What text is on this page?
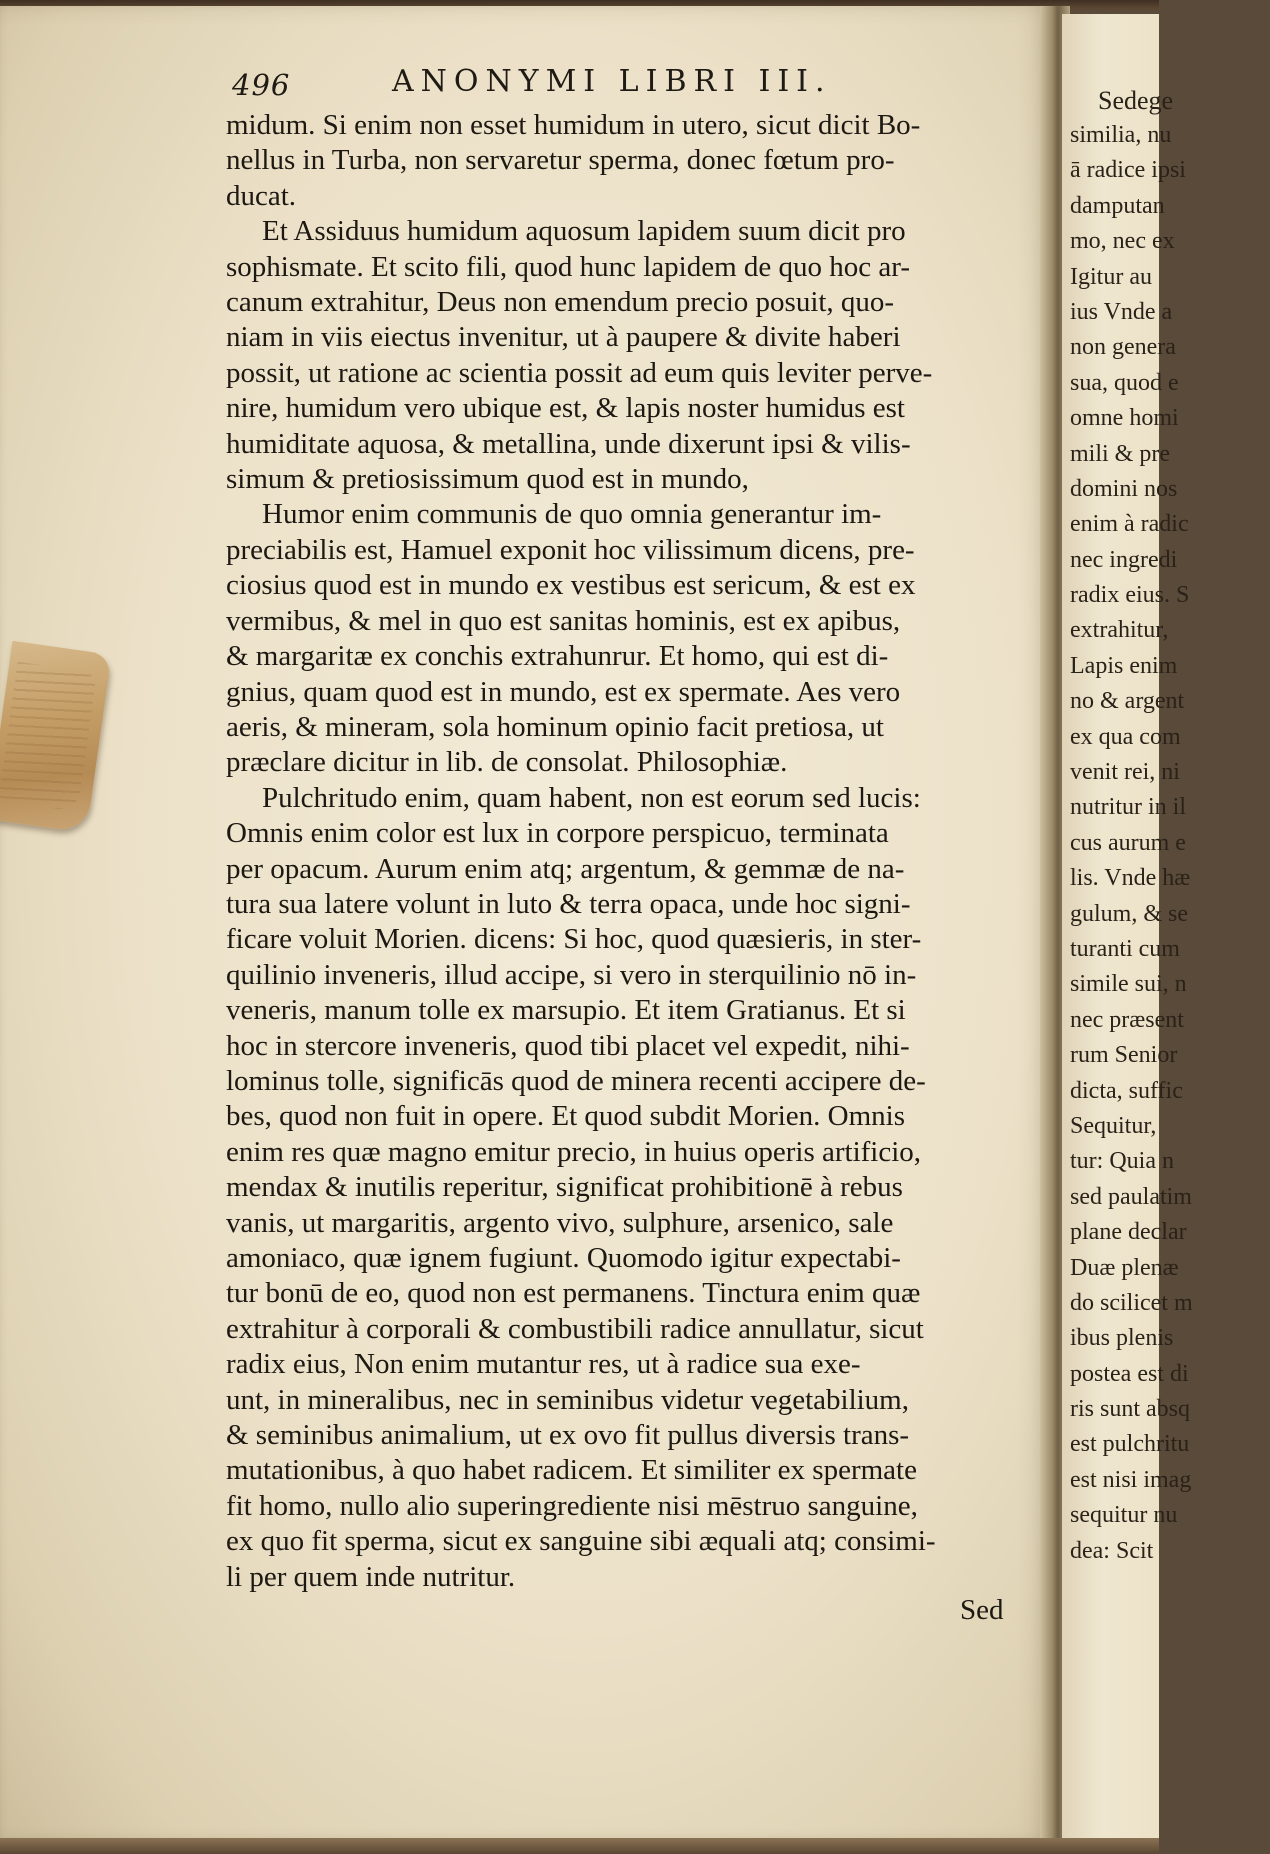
Sedege
similia, nu
ā radice ipsi
damputan
mo, nec ex
Igitur au
ius Vnde a
non genera
sua, quod e
omne homi
mili & pre
domini nos
enim à radic
nec ingredi
radix eius. S
extrahitur,
Lapis enim
no & argent
ex qua com
venit rei, ni
nutritur in il
cus aurum e
lis. Vnde hæ
gulum, & se
turanti cum
simile sui, n
nec præsent
rum Senior
dicta, suffic
Sequitur,
tur: Quia n
sed paulatim
plane declar
Duæ plenæ
do scilicet m
ibus plenis
postea est di
ris sunt absq
est pulchritu
est nisi imag
sequitur nu
dea: Scit
496	ANONYMI LIBRI III.

midum. Si enim non esset humidum in utero, sicut dicit Bo-
nellus in Turba, non servaretur sperma, donec fœtum pro-
ducat.

Et Assiduus humidum aquosum lapidem suum dicit pro
sophismate. Et scito fili, quod hunc lapidem de quo hoc ar-
canum extrahitur, Deus non emendum precio posuit, quo-
niam in viis eiectus invenitur, ut à paupere & divite haberi
possit, ut ratione ac scientia possit ad eum quis leviter perve-
nire, humidum vero ubique est, & lapis noster humidus est
humiditate aquosa, & metallina, unde dixerunt ipsi & vilis-
simum & pretiosissimum quod est in mundo,

Humor enim communis de quo omnia generantur im-
preciabilis est, Hamuel exponit hoc vilissimum dicens, pre-
ciosius quod est in mundo ex vestibus est sericum, & est ex
vermibus, & mel in quo est sanitas hominis, est ex apibus,
& margaritæ ex conchis extrahunrur. Et homo, qui est di-
gnius, quam quod est in mundo, est ex spermate. Aes vero
aeris, & mineram, sola hominum opinio facit pretiosa, ut
præclare dicitur in lib. de consolat. Philosophiæ.

Pulchritudo enim, quam habent, non est eorum sed lucis:
Omnis enim color est lux in corpore perspicuo, terminata
per opacum. Aurum enim atq; argentum, & gemmæ de na-
tura sua latere volunt in luto & terra opaca, unde hoc signi-
ficare voluit Morien. dicens: Si hoc, quod quæsieris, in ster-
quilinio inveneris, illud accipe, si vero in sterquilinio nō in-
veneris, manum tolle ex marsupio. Et item Gratianus. Et si
hoc in stercore inveneris, quod tibi placet vel expedit, nihi-
lominus tolle, significās quod de minera recenti accipere de-
bes, quod non fuit in opere. Et quod subdit Morien. Omnis
enim res quæ magno emitur precio, in huius operis artificio,
mendax & inutilis reperitur, significat prohibitionē à rebus
vanis, ut margaritis, argento vivo, sulphure, arsenico, sale
amoniaco, quæ ignem fugiunt. Quomodo igitur expectabi-
tur bonū de eo, quod non est permanens. Tinctura enim quæ
extrahitur à corporali & combustibili radice annullatur, sicut
radix eius, Non enim mutantur res, ut à radice sua exe-
unt, in mineralibus, nec in seminibus videtur vegetabilium,
& seminibus animalium, ut ex ovo fit pullus diversis trans-
mutationibus, à quo habet radicem. Et similiter ex spermate
fit homo, nullo alio superingrediente nisi mēstruo sanguine,
ex quo fit sperma, sicut ex sanguine sibi æquali atq; consimi-
li per quem inde nutritur.

Sed
